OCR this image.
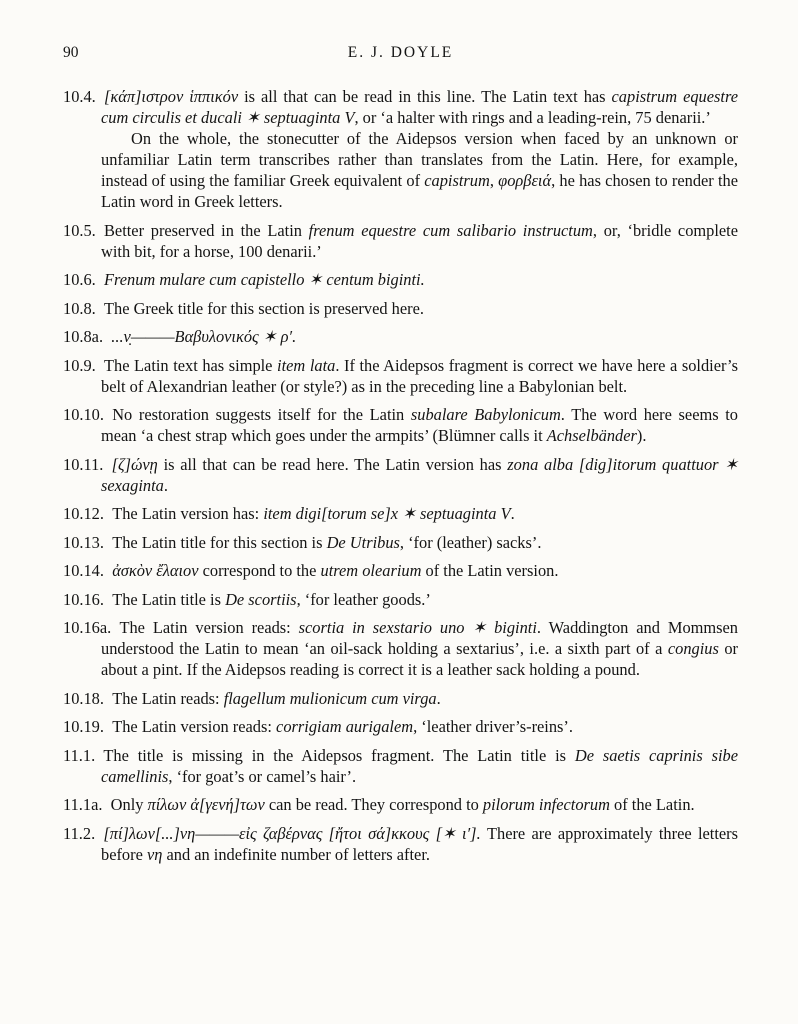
90	E. J. DOYLE

10.4.  [κάπ]ιστρον ἱππικόν is all that can be read in this line. The Latin text has capistrum equestre cum circulis et ducali ✶ septuaginta V, or ‘a halter with rings and a leading-rein, 75 denarii.’

On the whole, the stonecutter of the Aidepsos version when faced by an unknown or unfamiliar Latin term transcribes rather than translates from the Latin. Here, for example, instead of using the familiar Greek equivalent of capistrum, φορβειά, he has chosen to render the Latin word in Greek letters.

10.5.  Better preserved in the Latin frenum equestre cum salibario instructum, or, ‘bridle complete with bit, for a horse, 100 denarii.’

10.6.  Frenum mulare cum capistello ✶ centum biginti.

10.8.  The Greek title for this section is preserved here.

10.8a.  ...ν̣———Βαβυλονικός ✶ ρ′.

10.9.  The Latin text has simple item lata. If the Aidepsos fragment is correct we have here a soldier’s belt of Alexandrian leather (or style?) as in the preceding line a Babylonian belt.

10.10.  No restoration suggests itself for the Latin subalare Babylonicum. The word here seems to mean ‘a chest strap which goes under the armpits’ (Blümner calls it Achselbänder).

10.11.  [ζ]ώνῃ is all that can be read here. The Latin version has zona alba [dig]itorum quattuor ✶ sexaginta.

10.12.  The Latin version has: item digi[torum se]x ✶ septuaginta V.

10.13.  The Latin title for this section is De Utribus, ‘for (leather) sacks’.

10.14.  ἀσκὸν ἔλαιον correspond to the utrem olearium of the Latin version.

10.16.  The Latin title is De scortiis, ‘for leather goods.’

10.16a.  The Latin version reads: scortia in sexstario uno ✶ biginti. Waddington and Mommsen understood the Latin to mean ‘an oil-sack holding a sextarius’, i.e. a sixth part of a congius or about a pint. If the Aidepsos reading is correct it is a leather sack holding a pound.

10.18.  The Latin reads: flagellum mulionicum cum virga.

10.19.  The Latin version reads: corrigiam aurigalem, ‘leather driver’s-reins’.

11.1.  The title is missing in the Aidepsos fragment. The Latin title is De saetis caprinis sibe camellinis, ‘for goat’s or camel’s hair’.

11.1a.  Only πίλων ἀ[γενή]των can be read. They correspond to pilorum infectorum of the Latin.

11.2.  [πί]λων[...]νη———εἰς ζαβέρνας [ἤτοι σά]κκους [✶ ι′]. There are approximately three letters before νη and an indefinite number of letters after.
